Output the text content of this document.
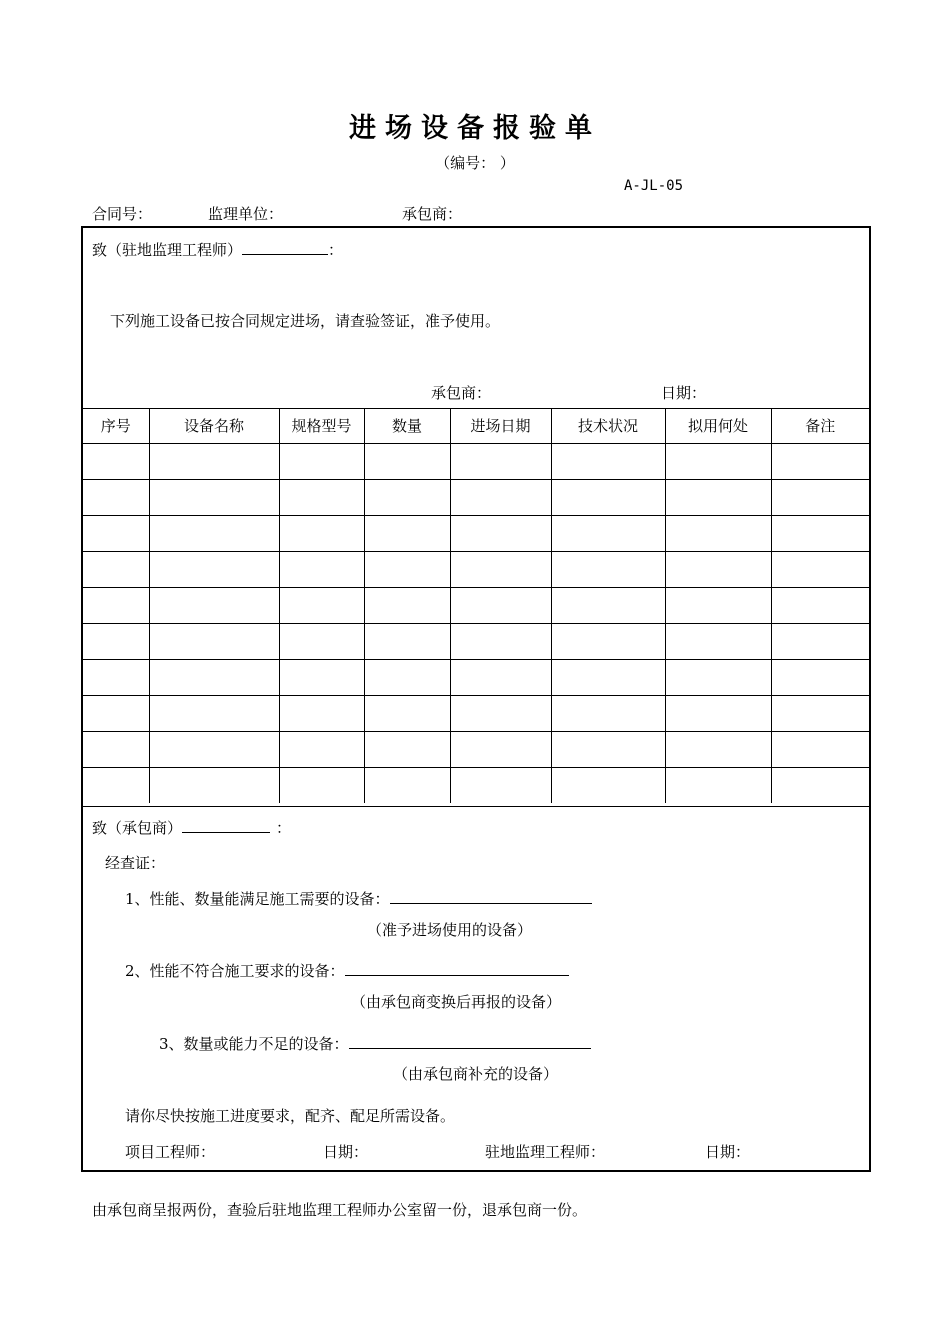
进场设备报验单
（编号： ）
A-JL-05
合同号：	监理单位：	承包商：
致（驻地监理工程师）	：
下列施工设备已按合同规定进场，请查验签证，准予使用。
承包商：	日期：
序号	设备名称	规格型号	数量	进场日期	技术状况	拟用何处	备注

致（承包商）	：
经查证：
1、性能、数量能满足施工需要的设备：
（准予进场使用的设备）
2、性能不符合施工要求的设备：
（由承包商变换后再报的设备）
3、数量或能力不足的设备：
（由承包商补充的设备）
请你尽快按施工进度要求，配齐、配足所需设备。
项目工程师：	日期：	驻地监理工程师：	日期：
由承包商呈报两份，查验后驻地监理工程师办公室留一份，退承包商一份。
